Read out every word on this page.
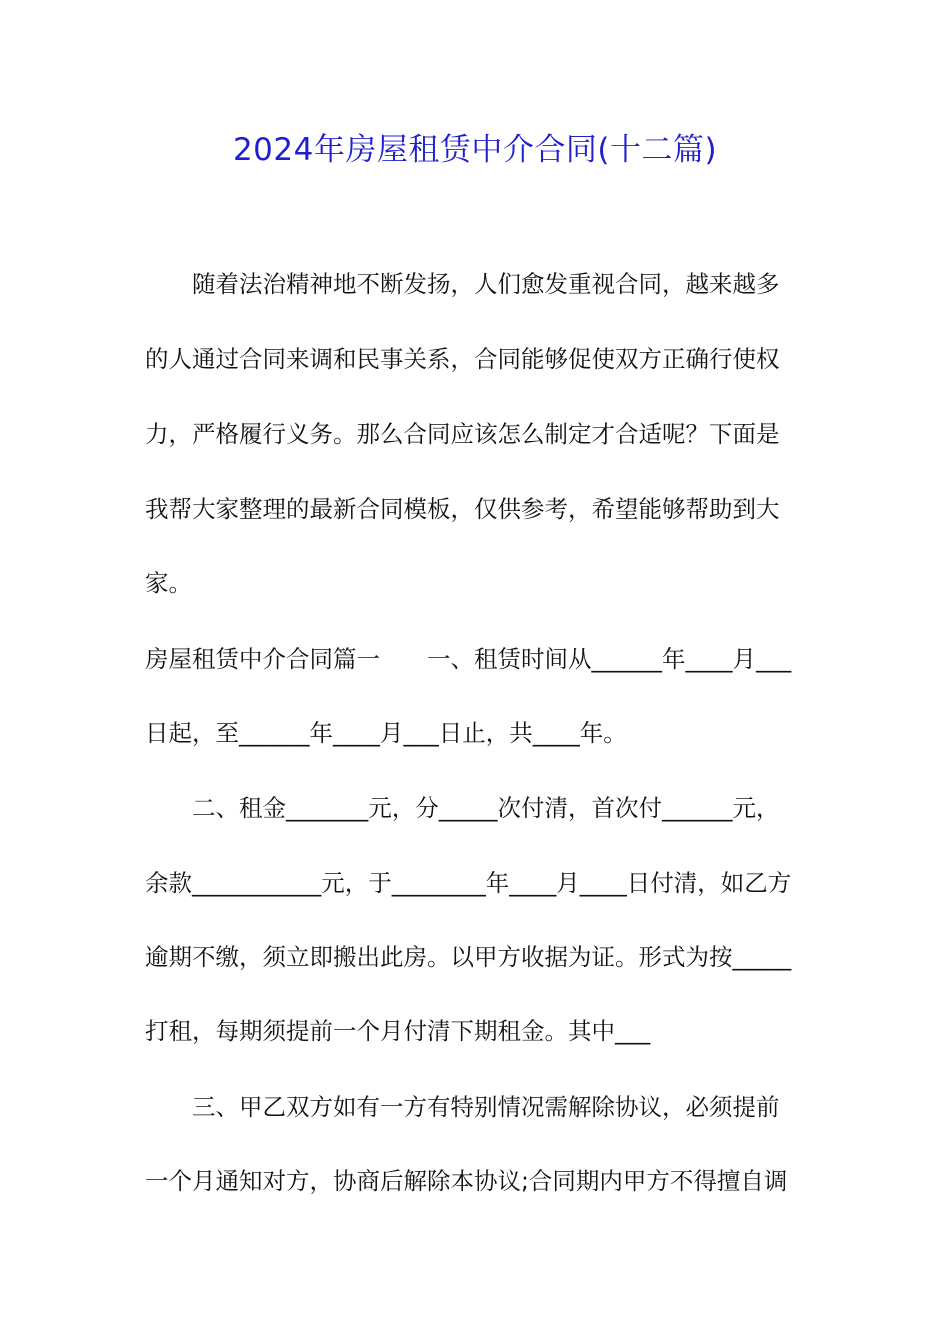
2024年房屋租赁中介合同(十二篇)
　　随着法治精神地不断发扬，人们愈发重视合同，越来越多
的人通过合同来调和民事关系，合同能够促使双方正确行使权
力，严格履行义务。那么合同应该怎么制定才合适呢？下面是
我帮大家整理的最新合同模板，仅供参考，希望能够帮助到大
家。
房屋租赁中介合同篇一　　一、租赁时间从______年____月___
日起，至______年____月___日止，共____年。
　　二、租金_______元，分_____次付清，首次付______元，
余款___________元，于________年____月____日付清，如乙方
逾期不缴，须立即搬出此房。以甲方收据为证。形式为按_____
打租，每期须提前一个月付清下期租金。其中___
　　三、甲乙双方如有一方有特别情况需解除协议，必须提前
一个月通知对方，协商后解除本协议;合同期内甲方不得擅自调
